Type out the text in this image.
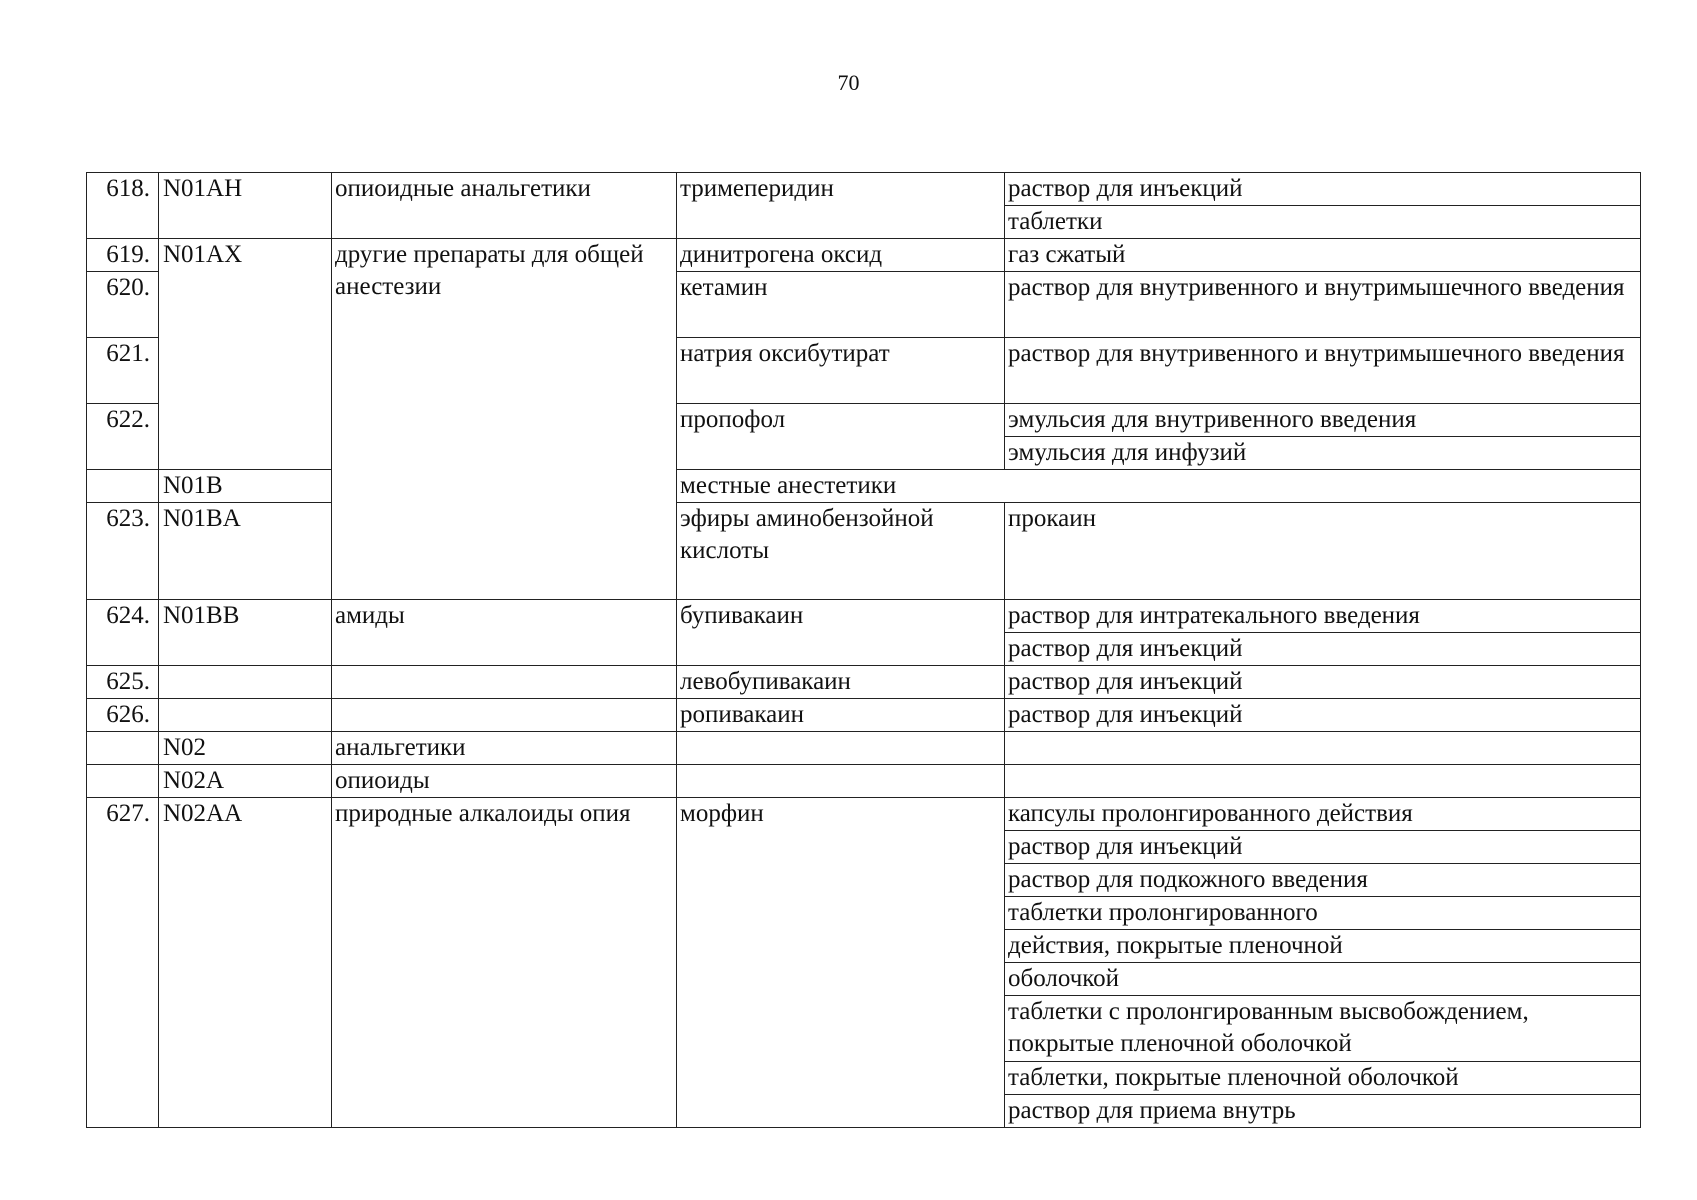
70
618.	N01AH	опиоидные анальгетики	тримеперидин	раствор для инъекций	
				таблетки	
619.	N01AX	другие препараты для общей анестезии	динитрогена оксид	газ сжатый	
620.			кетамин	раствор для внутривенного и внутримышечного введения	
621.			натрия оксибутират	раствор для внутривенного и внутримышечного введения	
622.			пропофол	эмульсия для внутривенного введения	
				эмульсия для инфузий	
	N01B		местные анестетики		
623.	N01BA		эфиры аминобензойной кислоты	прокаин	
624.	N01BB	амиды	бупивакаин	раствор для интратекального введения	
				раствор для инъекций	
625.			левобупивакаин	раствор для инъекций	
626.			ропивакаин	раствор для инъекций	
	N02	анальгетики			
	N02A	опиоиды			
627.	N02AA	природные алкалоиды опия	морфин	капсулы пролонгированного действия	
				раствор для инъекций	
				раствор для подкожного введения	
				таблетки пролонгированного	
				действия, покрытые пленочной	
				оболочкой	
				таблетки с пролонгированным высвобождением, покрытые пленочной оболочкой	
				таблетки, покрытые пленочной оболочкой	
				раствор для приема внутрь	
